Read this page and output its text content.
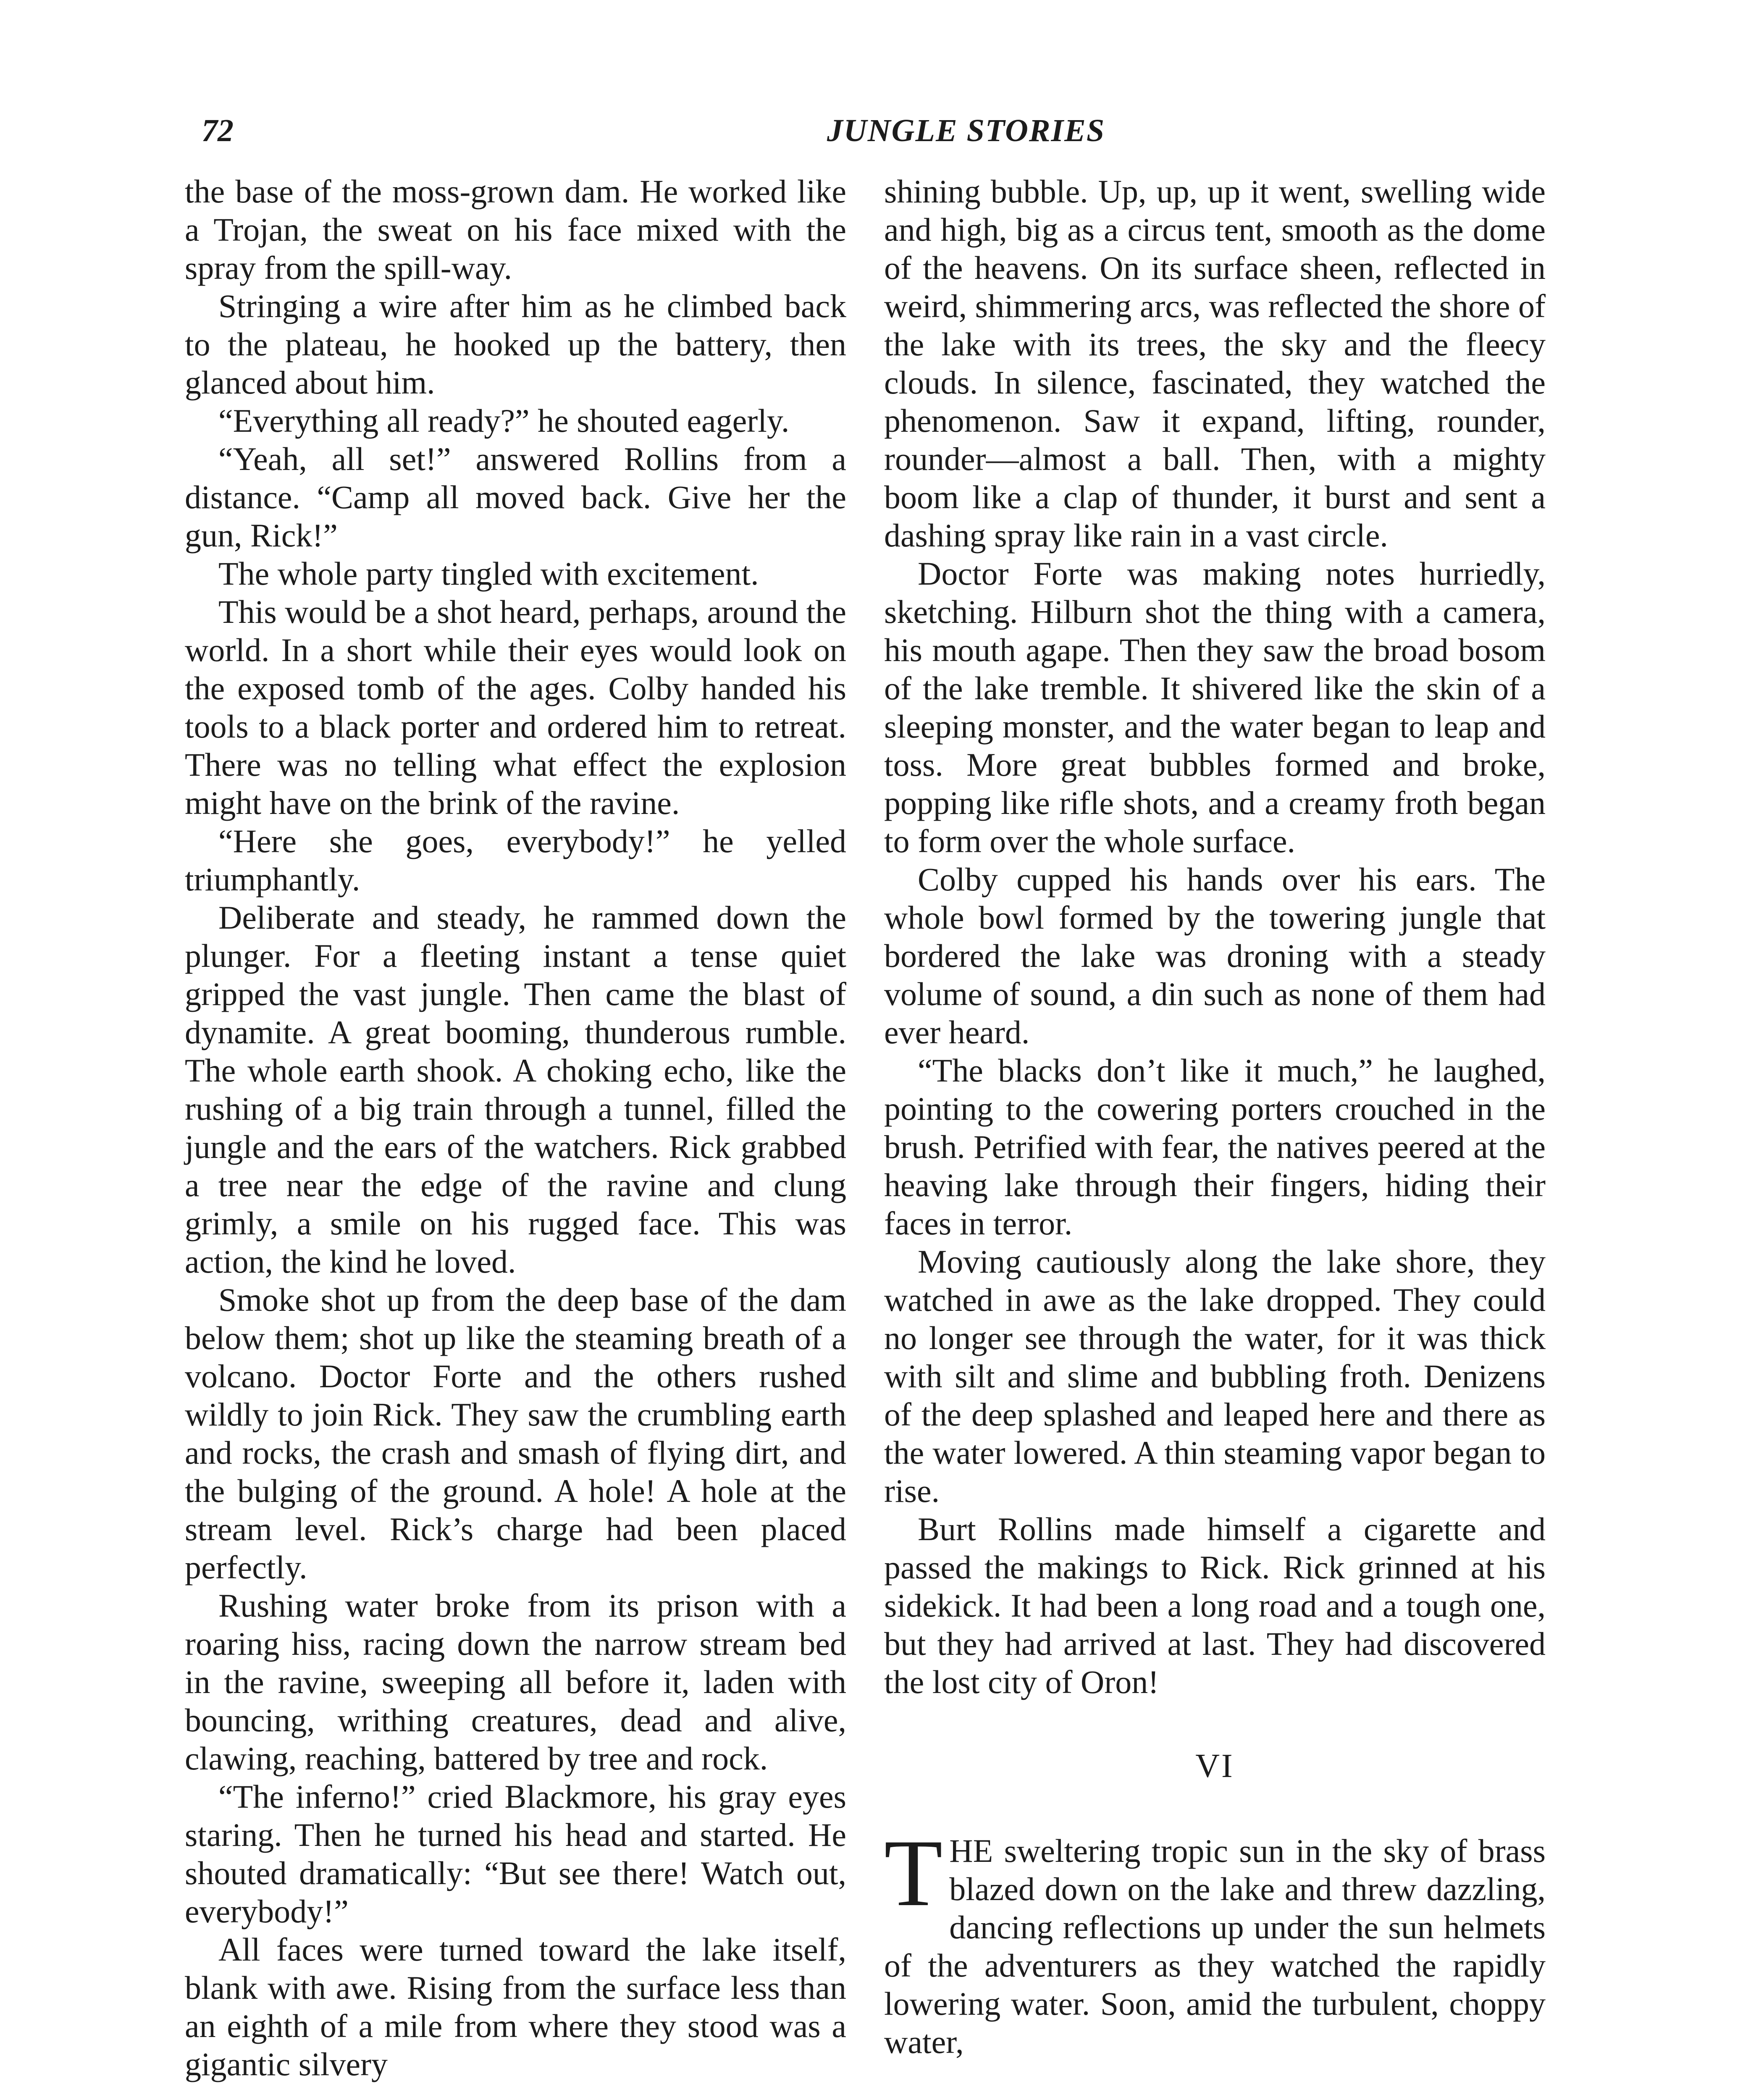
72	JUNGLE STORIES

the base of the moss-grown dam. He worked like a Trojan, the sweat on his face mixed with the spray from the spill-way.

Stringing a wire after him as he climbed back to the plateau, he hooked up the battery, then glanced about him.

“Everything all ready?” he shouted eagerly.

“Yeah, all set!” answered Rollins from a distance. “Camp all moved back. Give her the gun, Rick!”

The whole party tingled with excitement.

This would be a shot heard, perhaps, around the world. In a short while their eyes would look on the exposed tomb of the ages. Colby handed his tools to a black porter and ordered him to retreat. There was no telling what effect the explosion might have on the brink of the ravine.

“Here she goes, everybody!” he yelled triumphantly.

Deliberate and steady, he rammed down the plunger. For a fleeting instant a tense quiet gripped the vast jungle. Then came the blast of dynamite. A great booming, thunderous rumble. The whole earth shook. A choking echo, like the rushing of a big train through a tunnel, filled the jungle and the ears of the watchers. Rick grabbed a tree near the edge of the ravine and clung grimly, a smile on his rugged face. This was action, the kind he loved.

Smoke shot up from the deep base of the dam below them; shot up like the steaming breath of a volcano. Doctor Forte and the others rushed wildly to join Rick. They saw the crumbling earth and rocks, the crash and smash of flying dirt, and the bulging of the ground. A hole! A hole at the stream level. Rick’s charge had been placed perfectly.

Rushing water broke from its prison with a roaring hiss, racing down the narrow stream bed in the ravine, sweeping all before it, laden with bouncing, writhing creatures, dead and alive, clawing, reaching, battered by tree and rock.

“The inferno!” cried Blackmore, his gray eyes staring. Then he turned his head and started. He shouted dramatically: “But see there! Watch out, everybody!”

All faces were turned toward the lake itself, blank with awe. Rising from the surface less than an eighth of a mile from where they stood was a gigantic silvery

shining bubble. Up, up, up it went, swelling wide and high, big as a circus tent, smooth as the dome of the heavens. On its surface sheen, reflected in weird, shimmering arcs, was reflected the shore of the lake with its trees, the sky and the fleecy clouds. In silence, fascinated, they watched the phenomenon. Saw it expand, lifting, rounder, rounder—almost a ball. Then, with a mighty boom like a clap of thunder, it burst and sent a dashing spray like rain in a vast circle.

Doctor Forte was making notes hurriedly, sketching. Hilburn shot the thing with a camera, his mouth agape. Then they saw the broad bosom of the lake tremble. It shivered like the skin of a sleeping monster, and the water began to leap and toss. More great bubbles formed and broke, popping like rifle shots, and a creamy froth began to form over the whole surface.

Colby cupped his hands over his ears. The whole bowl formed by the towering jungle that bordered the lake was droning with a steady volume of sound, a din such as none of them had ever heard.

“The blacks don’t like it much,” he laughed, pointing to the cowering porters crouched in the brush. Petrified with fear, the natives peered at the heaving lake through their fingers, hiding their faces in terror.

Moving cautiously along the lake shore, they watched in awe as the lake dropped. They could no longer see through the water, for it was thick with silt and slime and bubbling froth. Denizens of the deep splashed and leaped here and there as the water lowered. A thin steaming vapor began to rise.

Burt Rollins made himself a cigarette and passed the makings to Rick. Rick grinned at his sidekick. It had been a long road and a tough one, but they had arrived at last. They had discovered the lost city of Oron!

VI

THE sweltering tropic sun in the sky of brass blazed down on the lake and threw dazzling, dancing reflections up under the sun helmets of the adventurers as they watched the rapidly lowering water. Soon, amid the turbulent, choppy water,
